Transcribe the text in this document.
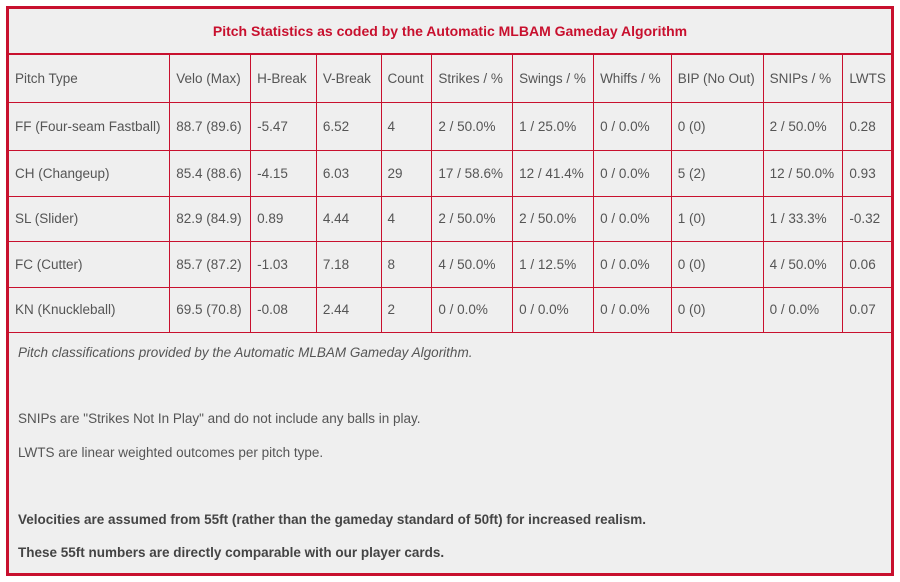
Pitch Statistics as coded by the Automatic MLBAM Gameday Algorithm
Pitch Type	Velo (Max)	H-Break	V-Break	Count	Strikes / %	Swings / %	Whiffs / %	BIP (No Out)	SNIPs / %	LWTS
FF (Four-seam Fastball)	88.7 (89.6)	-5.47	6.52	4	2 / 50.0%	1 / 25.0%	0 / 0.0%	0 (0)	2 / 50.0%	0.28
CH (Changeup)	85.4 (88.6)	-4.15	6.03	29	17 / 58.6%	12 / 41.4%	0 / 0.0%	5 (2)	12 / 50.0%	0.93
SL (Slider)	82.9 (84.9)	0.89	4.44	4	2 / 50.0%	2 / 50.0%	0 / 0.0%	1 (0)	1 / 33.3%	-0.32
FC (Cutter)	85.7 (87.2)	-1.03	7.18	8	4 / 50.0%	1 / 12.5%	0 / 0.0%	0 (0)	4 / 50.0%	0.06
KN (Knuckleball)	69.5 (70.8)	-0.08	2.44	2	0 / 0.0%	0 / 0.0%	0 / 0.0%	0 (0)	0 / 0.0%	0.07

Pitch classifications provided by the Automatic MLBAM Gameday Algorithm.

SNIPs are "Strikes Not In Play" and do not include any balls in play.

LWTS are linear weighted outcomes per pitch type.

Velocities are assumed from 55ft (rather than the gameday standard of 50ft) for increased realism.

These 55ft numbers are directly comparable with our player cards.
